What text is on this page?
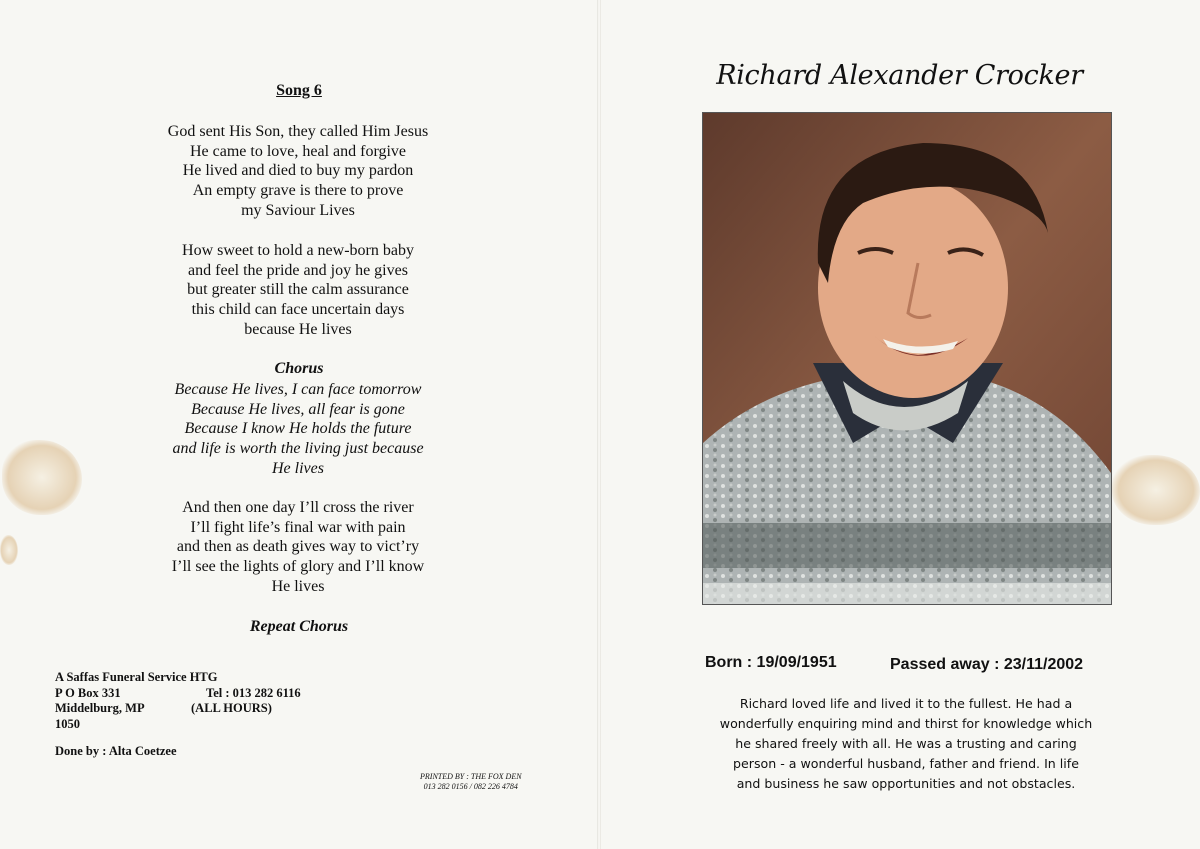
Song 6
God sent His Son, they called Him Jesus
He came to love, heal and forgive
He lived and died to buy my pardon
An empty grave is there to prove
my Saviour Lives
How sweet to hold a new-born baby
and feel the pride and joy he gives
but greater still the calm assurance
this child can face uncertain days
because He lives
Chorus
Because He lives, I can face tomorrow
Because He lives, all fear is gone
Because I know He holds the future
and life is worth the living just because
He lives
And then one day I’ll cross the river
I’ll fight life’s final war with pain
and then as death gives way to vict’ry
I’ll see the lights of glory and I’ll know
He lives
Repeat Chorus
A Saffas Funeral Service HTG
P O Box 331	Tel : 013 282 6116
Middelburg, MP	(ALL HOURS)
1050
Done by : Alta Coetzee
PRINTED BY : THE FOX DEN
013 282 0156 / 082 226 4784
Richard Alexander Crocker
Born : 19/09/1951	Passed away : 23/11/2002
Richard loved life and lived it to the fullest. He had a
wonderfully enquiring mind and thirst for knowledge which
he shared freely with all. He was a trusting and caring
person - a wonderful husband, father and friend. In life
and business he saw opportunities and not obstacles.
